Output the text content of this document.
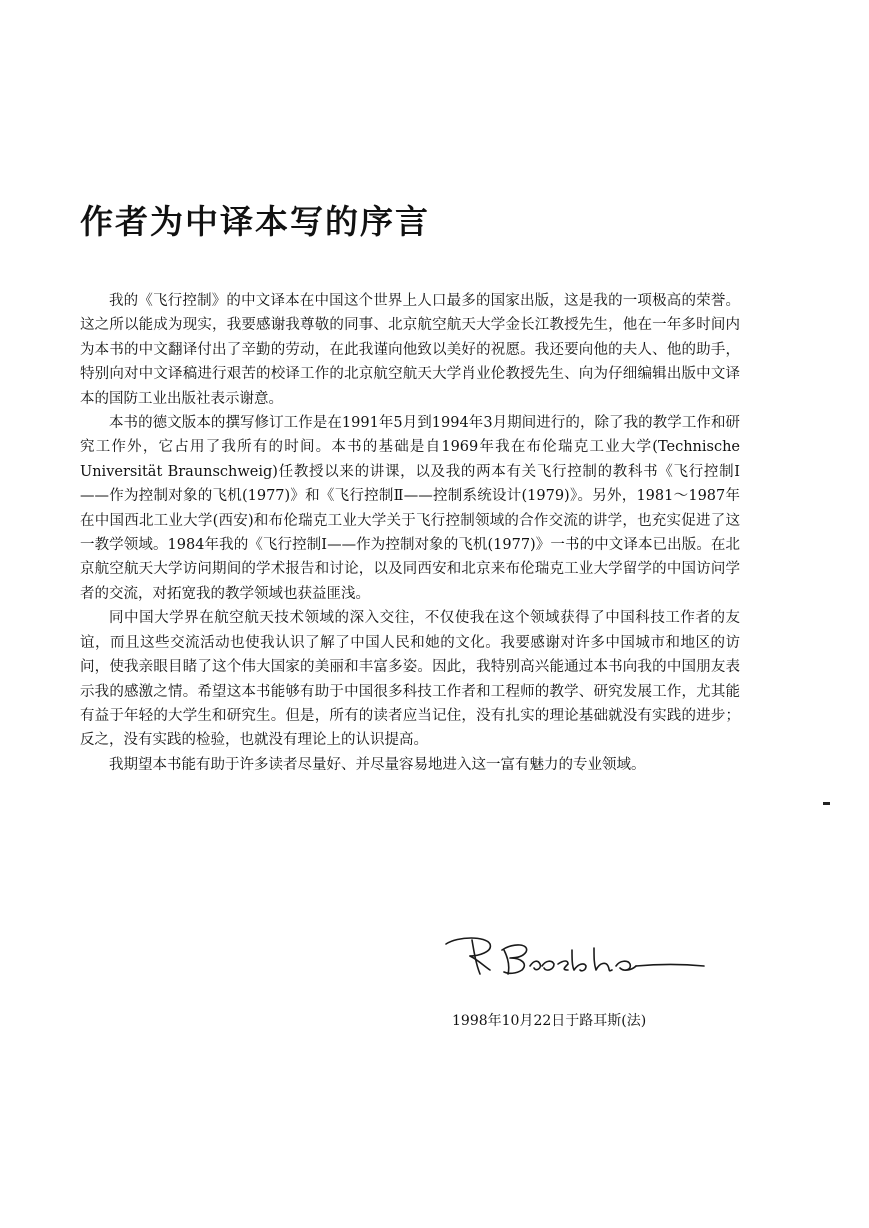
作者为中译本写的序言

我的《飞行控制》的中文译本在中国这个世界上人口最多的国家出版，这是我的一项极高的荣誉。这之所以能成为现实，我要感谢我尊敬的同事、北京航空航天大学金长江教授先生，他在一年多时间内为本书的中文翻译付出了辛勤的劳动，在此我谨向他致以美好的祝愿。我还要向他的夫人、他的助手，特别向对中文译稿进行艰苦的校译工作的北京航空航天大学肖业伦教授先生、向为仔细编辑出版中文译本的国防工业出版社表示谢意。

本书的德文版本的撰写修订工作是在1991年5月到1994年3月期间进行的，除了我的教学工作和研究工作外，它占用了我所有的时间。本书的基础是自1969年我在布伦瑞克工业大学(Technische Universität Braunschweig)任教授以来的讲课，以及我的两本有关飞行控制的教科书《飞行控制Ⅰ——作为控制对象的飞机(1977)》和《飞行控制Ⅱ——控制系统设计(1979)》。另外，1981～1987年在中国西北工业大学(西安)和布伦瑞克工业大学关于飞行控制领域的合作交流的讲学，也充实促进了这一教学领域。1984年我的《飞行控制Ⅰ——作为控制对象的飞机(1977)》一书的中文译本已出版。在北京航空航天大学访问期间的学术报告和讨论，以及同西安和北京来布伦瑞克工业大学留学的中国访问学者的交流，对拓宽我的教学领域也获益匪浅。

同中国大学界在航空航天技术领域的深入交往，不仅使我在这个领域获得了中国科技工作者的友谊，而且这些交流活动也使我认识了解了中国人民和她的文化。我要感谢对许多中国城市和地区的访问，使我亲眼目睹了这个伟大国家的美丽和丰富多姿。因此，我特别高兴能通过本书向我的中国朋友表示我的感激之情。希望这本书能够有助于中国很多科技工作者和工程师的教学、研究发展工作，尤其能有益于年轻的大学生和研究生。但是，所有的读者应当记住，没有扎实的理论基础就没有实践的进步；反之，没有实践的检验，也就没有理论上的认识提高。

我期望本书能有助于许多读者尽量好、并尽量容易地进入这一富有魅力的专业领域。

1998年10月22日于路耳斯(法)
